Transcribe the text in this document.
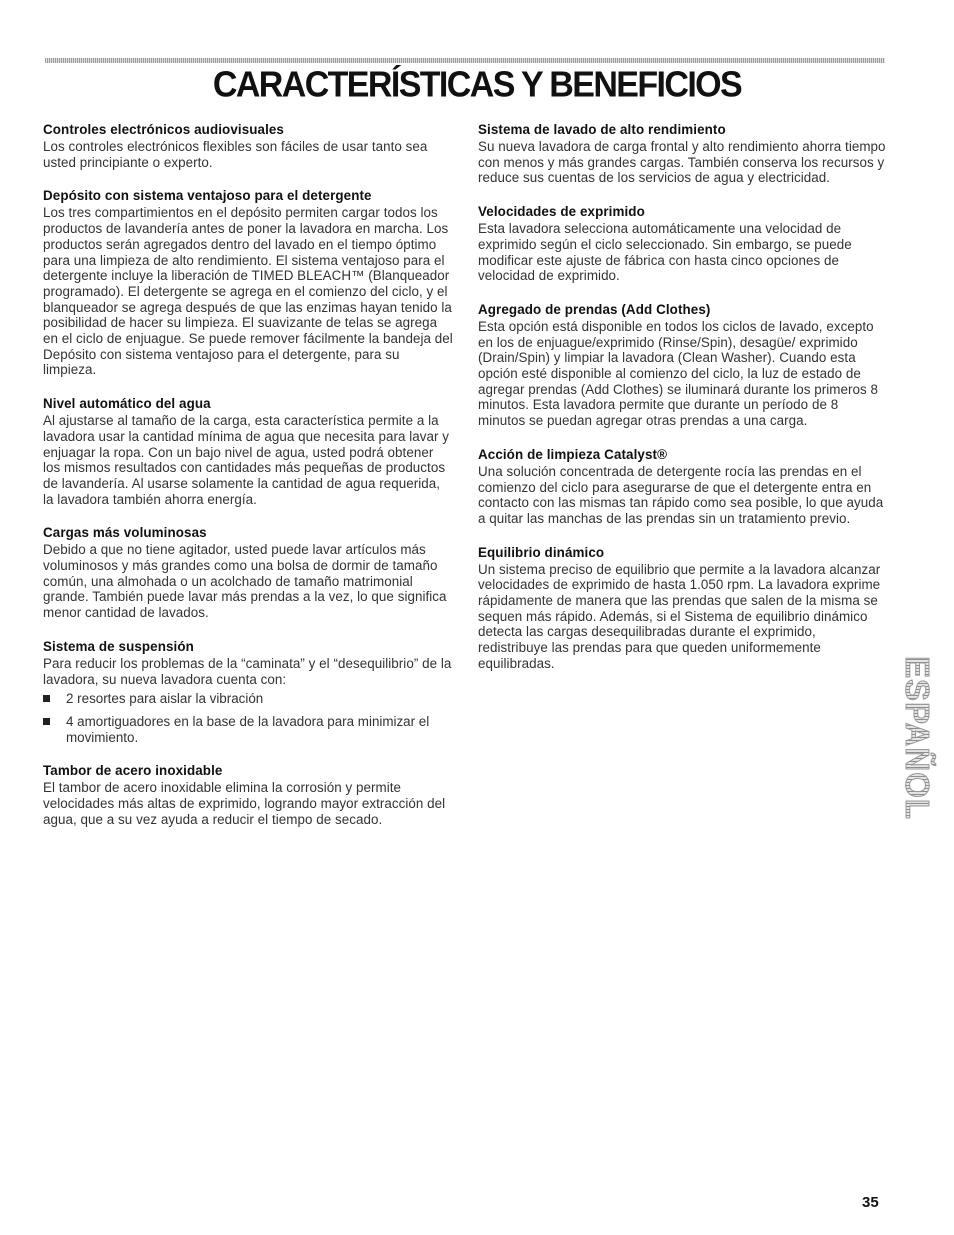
CARACTERÍSTICAS Y BENEFICIOS
Controles electrónicos audiovisuales

Los controles electrónicos flexibles son fáciles de usar tanto sea usted principiante o experto.

Depósito con sistema ventajoso para el detergente

Los tres compartimientos en el depósito permiten cargar todos los productos de lavandería antes de poner la lavadora en marcha. Los productos serán agregados dentro del lavado en el tiempo óptimo para una limpieza de alto rendimiento. El sistema ventajoso para el detergente incluye la liberación de TIMED BLEACH™ (Blanqueador programado). El detergente se agrega en el comienzo del ciclo, y el blanqueador se agrega después de que las enzimas hayan tenido la posibilidad de hacer su limpieza. El suavizante de telas se agrega en el ciclo de enjuague. Se puede remover fácilmente la bandeja del Depósito con sistema ventajoso para el detergente, para su limpieza.

Nivel automático del agua

Al ajustarse al tamaño de la carga, esta característica permite a la lavadora usar la cantidad mínima de agua que necesita para lavar y enjuagar la ropa. Con un bajo nivel de agua, usted podrá obtener los mismos resultados con cantidades más pequeñas de productos de lavandería. Al usarse solamente la cantidad de agua requerida, la lavadora también ahorra energía.

Cargas más voluminosas

Debido a que no tiene agitador, usted puede lavar artículos más voluminosos y más grandes como una bolsa de dormir de tamaño común, una almohada o un acolchado de tamaño matrimonial grande. También puede lavar más prendas a la vez, lo que significa menor cantidad de lavados.

Sistema de suspensión

Para reducir los problemas de la “caminata” y el “desequilibrio” de la lavadora, su nueva lavadora cuenta con:

2 resortes para aislar la vibración
4 amortiguadores en la base de la lavadora para minimizar el movimiento.
Tambor de acero inoxidable

El tambor de acero inoxidable elimina la corrosión y permite velocidades más altas de exprimido, logrando mayor extracción del agua, que a su vez ayuda a reducir el tiempo de secado.

Sistema de lavado de alto rendimiento

Su nueva lavadora de carga frontal y alto rendimiento ahorra tiempo con menos y más grandes cargas. También conserva los recursos y reduce sus cuentas de los servicios de agua y electricidad.

Velocidades de exprimido

Esta lavadora selecciona automáticamente una velocidad de exprimido según el ciclo seleccionado. Sin embargo, se puede modificar este ajuste de fábrica con hasta cinco opciones de velocidad de exprimido.

Agregado de prendas (Add Clothes)

Esta opción está disponible en todos los ciclos de lavado, excepto en los de enjuague/exprimido (Rinse/Spin), desagüe/ exprimido (Drain/Spin) y limpiar la lavadora (Clean Washer). Cuando esta opción esté disponible al comienzo del ciclo, la luz de estado de agregar prendas (Add Clothes) se iluminará durante los primeros 8 minutos. Esta lavadora permite que durante un período de 8 minutos se puedan agregar otras prendas a una carga.

Acción de limpieza Catalyst®

Una solución concentrada de detergente rocía las prendas en el comienzo del ciclo para asegurarse de que el detergente entra en contacto con las mismas tan rápido como sea posible, lo que ayuda a quitar las manchas de las prendas sin un tratamiento previo.

Equilibrio dinámico

Un sistema preciso de equilibrio que permite a la lavadora alcanzar velocidades de exprimido de hasta 1.050 rpm. La lavadora exprime rápidamente de manera que las prendas que salen de la misma se sequen más rápido. Además, si el Sistema de equilibrio dinámico detecta las cargas desequilibradas durante el exprimido, redistribuye las prendas para que queden uniformemente equilibradas.	ESPAÑOL
35
